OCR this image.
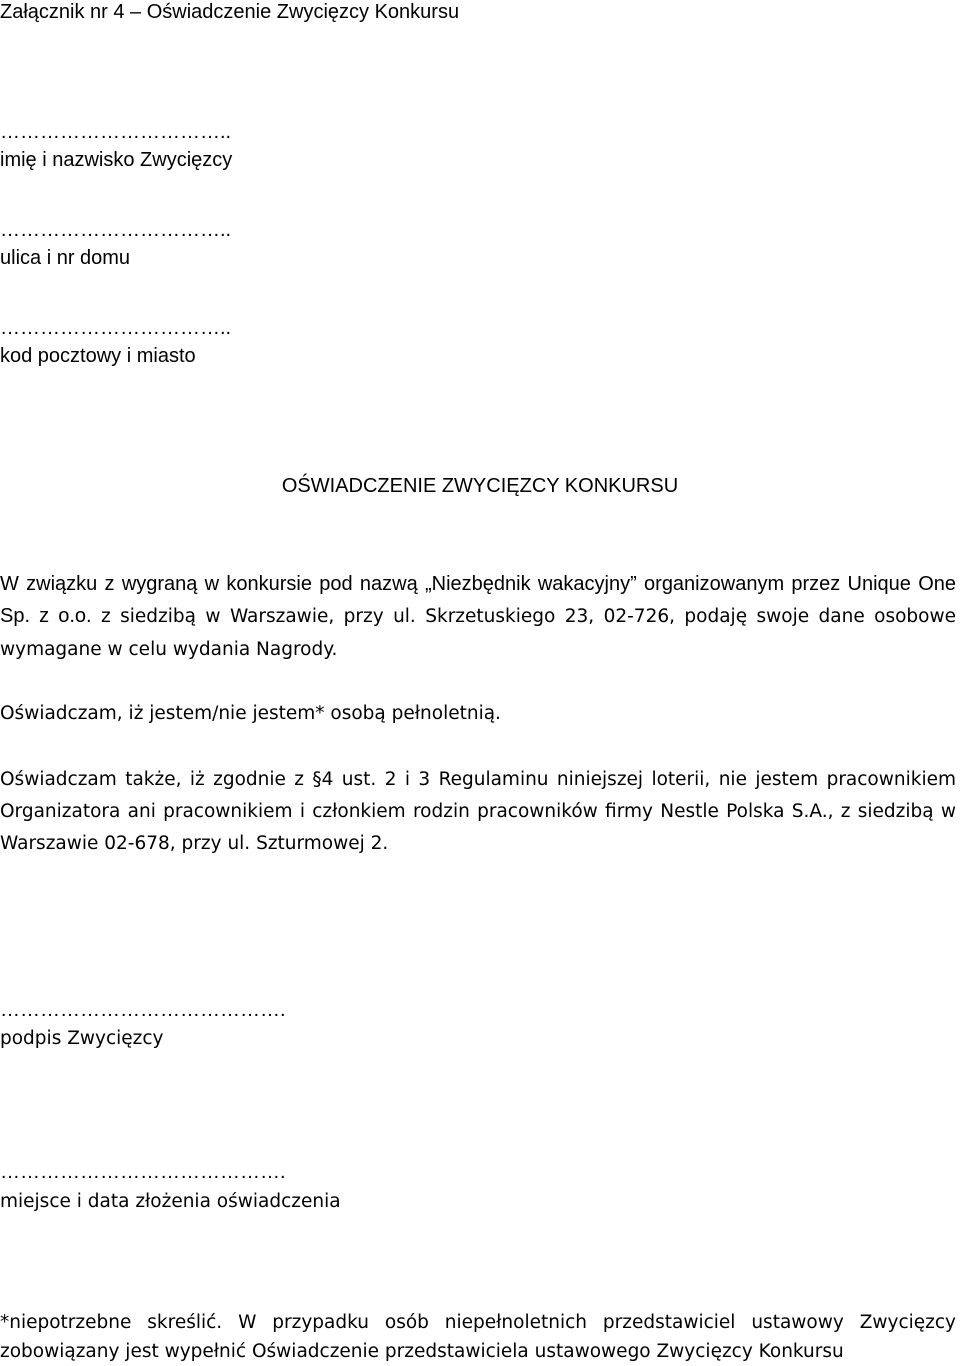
Załącznik nr 4 – Oświadczenie Zwycięzcy Konkursu
……………………………..
imię i nazwisko Zwycięzcy
……………………………..
ulica i nr domu
……………………………..
kod pocztowy i miasto
OŚWIADCZENIE ZWYCIĘZCY KONKURSU
W związku z wygraną w konkursie pod nazwą „Niezbędnik wakacyjny” organizowanym przez Unique One Sp. z o.o. z siedzibą w Warszawie, przy ul. Skrzetuskiego 23, 02-726, podaję swoje dane osobowe wymagane w celu wydania Nagrody.
Oświadczam, iż jestem/nie jestem* osobą pełnoletnią.
Oświadczam także, iż zgodnie z §4 ust. 2 i 3 Regulaminu niniejszej loterii, nie jestem pracownikiem Organizatora ani pracownikiem i członkiem rodzin pracowników firmy Nestle Polska S.A., z siedzibą w Warszawie 02-678, przy ul. Szturmowej 2.
…………………………………….
podpis Zwycięzcy
…………………………………….
miejsce i data złożenia oświadczenia
*niepotrzebne skreślić. W przypadku osób niepełnoletnich przedstawiciel ustawowy Zwycięzcy zobowiązany jest wypełnić Oświadczenie przedstawiciela ustawowego Zwycięzcy Konkursu
